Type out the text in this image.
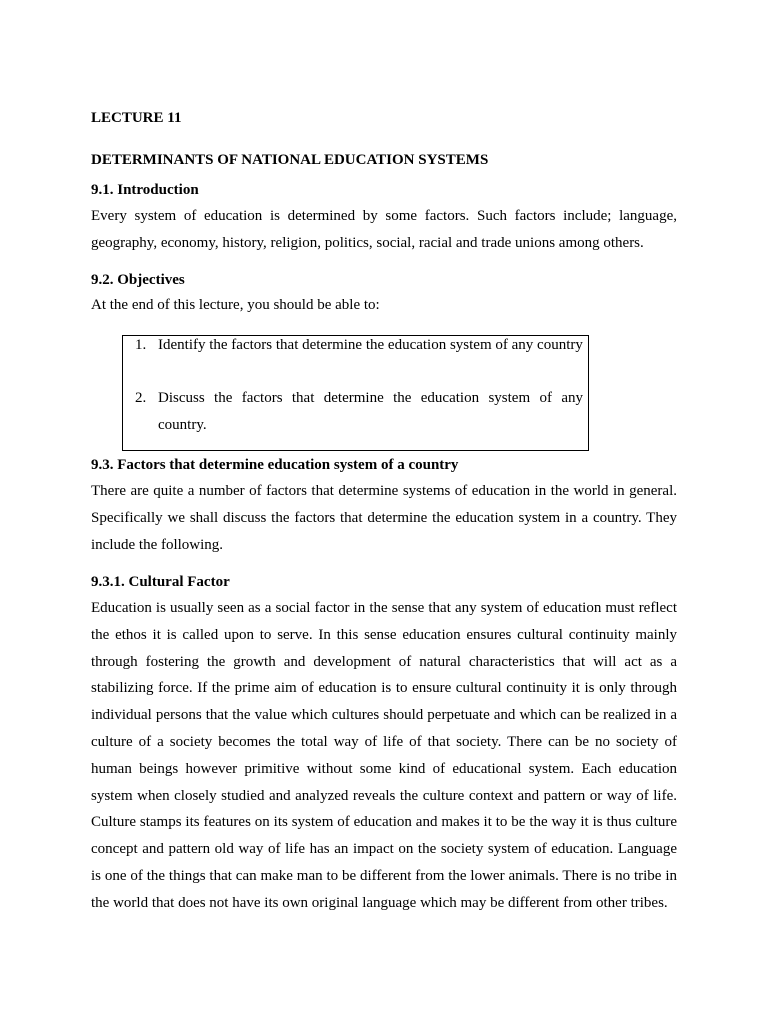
LECTURE 11
DETERMINANTS OF NATIONAL EDUCATION SYSTEMS
9.1. Introduction
Every system of education is determined by some factors. Such factors include; language, geography, economy, history, religion, politics, social, racial and trade unions among others.
9.2. Objectives
At the end of this lecture, you should be able to:
1. Identify the factors that determine the education system of any country
2. Discuss the factors that determine the education system of any country.
9.3. Factors that determine education system of a country
There are quite a number of factors that determine systems of education in the world in general. Specifically we shall discuss the factors that determine the education system in a country. They include the following.
9.3.1. Cultural Factor
Education is usually seen as a social factor in the sense that any system of education must reflect the ethos it is called upon to serve. In this sense education ensures cultural continuity mainly through fostering the growth and development of natural characteristics that will act as a stabilizing force. If the prime aim of education is to ensure cultural continuity it is only through individual persons that the value which cultures should perpetuate and which can be realized in a culture of a society becomes the total way of life of that society. There can be no society of human beings however primitive without some kind of educational system. Each education system when closely studied and analyzed reveals the culture context and pattern or way of life. Culture stamps its features on its system of education and makes it to be the way it is thus culture concept and pattern old way of life has an impact on the society system of education. Language is one of the things that can make man to be different from the lower animals. There is no tribe in the world that does not have its own original language which may be different from other tribes.
